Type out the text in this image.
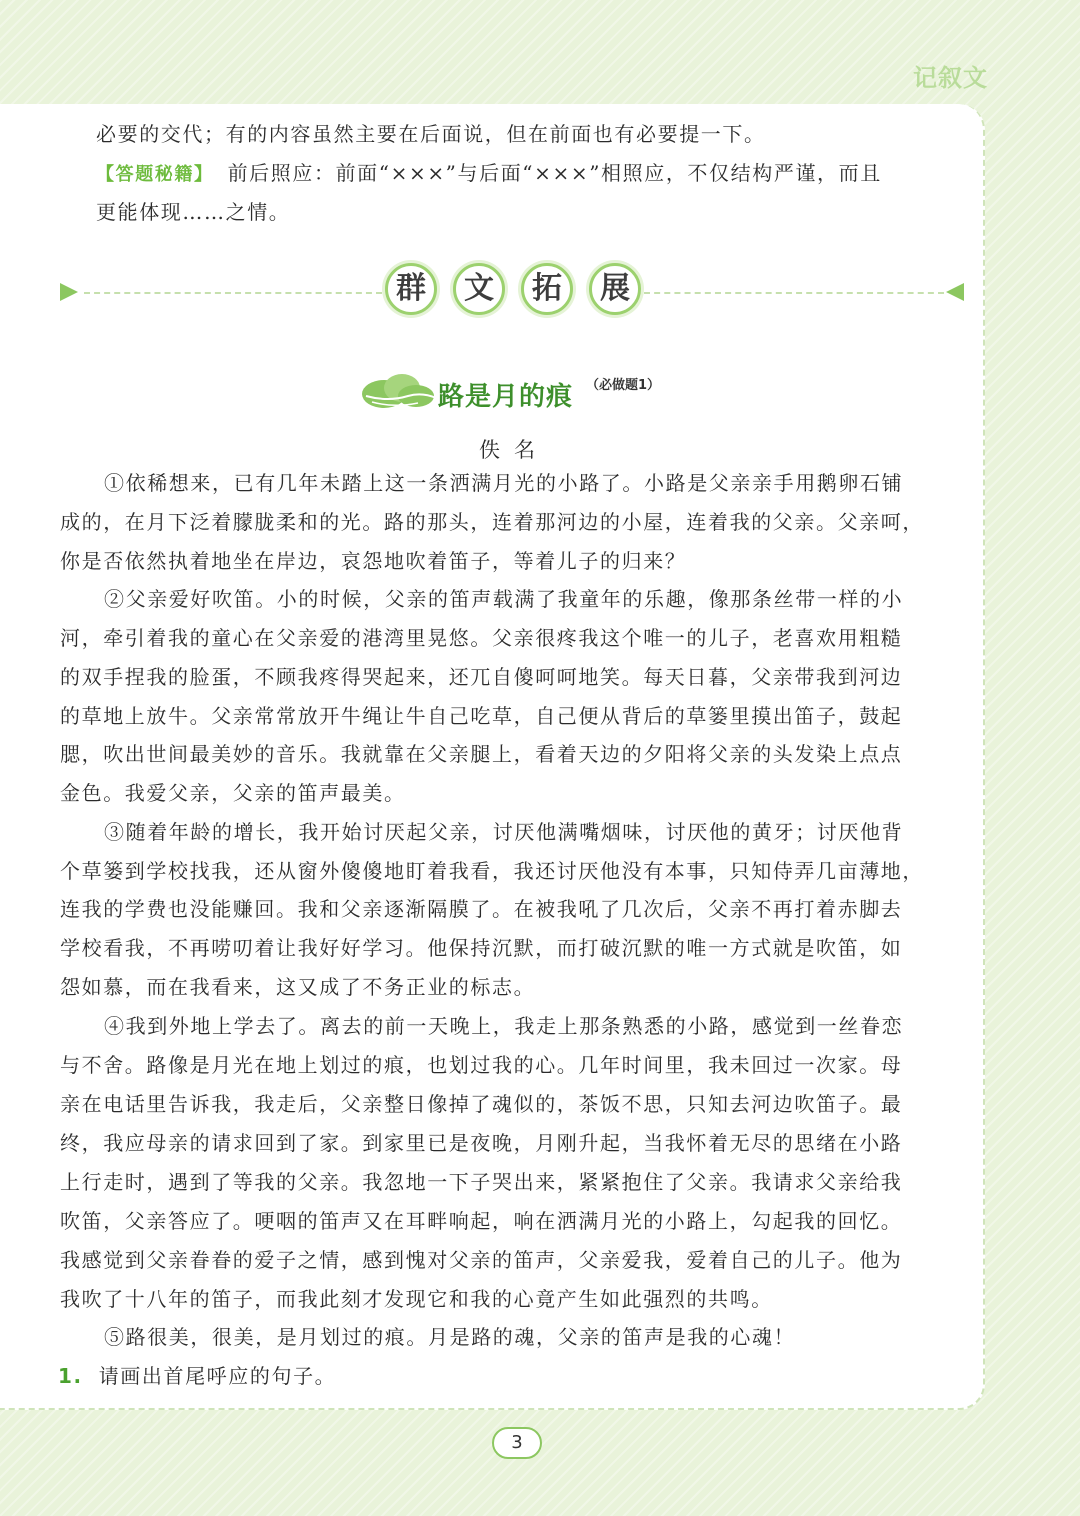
记叙文
必要的交代；有的内容虽然主要在后面说，但在前面也有必要提一下。
【答题秘籍】 前后照应：前面“×××”与后面“×××”相照应，不仅结构严谨，而且
更能体现……之情。
群	文	拓	展
路是月的痕 （必做题1）
佚名
①依稀想来，已有几年未踏上这一条洒满月光的小路了。小路是父亲亲手用鹅卵石铺
成的，在月下泛着朦胧柔和的光。路的那头，连着那河边的小屋，连着我的父亲。父亲呵，
你是否依然执着地坐在岸边，哀怨地吹着笛子，等着儿子的归来？
②父亲爱好吹笛。小的时候，父亲的笛声载满了我童年的乐趣，像那条丝带一样的小
河，牵引着我的童心在父亲爱的港湾里晃悠。父亲很疼我这个唯一的儿子，老喜欢用粗糙
的双手捏我的脸蛋，不顾我疼得哭起来，还兀自傻呵呵地笑。每天日暮，父亲带我到河边
的草地上放牛。父亲常常放开牛绳让牛自己吃草，自己便从背后的草篓里摸出笛子，鼓起
腮，吹出世间最美妙的音乐。我就靠在父亲腿上，看着天边的夕阳将父亲的头发染上点点
金色。我爱父亲，父亲的笛声最美。
③随着年龄的增长，我开始讨厌起父亲，讨厌他满嘴烟味，讨厌他的黄牙；讨厌他背
个草篓到学校找我，还从窗外傻傻地盯着我看，我还讨厌他没有本事，只知侍弄几亩薄地，
连我的学费也没能赚回。我和父亲逐渐隔膜了。在被我吼了几次后，父亲不再打着赤脚去
学校看我，不再唠叨着让我好好学习。他保持沉默，而打破沉默的唯一方式就是吹笛，如
怨如慕，而在我看来，这又成了不务正业的标志。
④我到外地上学去了。离去的前一天晚上，我走上那条熟悉的小路，感觉到一丝眷恋
与不舍。路像是月光在地上划过的痕，也划过我的心。几年时间里，我未回过一次家。母
亲在电话里告诉我，我走后，父亲整日像掉了魂似的，茶饭不思，只知去河边吹笛子。最
终，我应母亲的请求回到了家。到家里已是夜晚，月刚升起，当我怀着无尽的思绪在小路
上行走时，遇到了等我的父亲。我忽地一下子哭出来，紧紧抱住了父亲。我请求父亲给我
吹笛，父亲答应了。哽咽的笛声又在耳畔响起，响在洒满月光的小路上，勾起我的回忆。
我感觉到父亲眷眷的爱子之情，感到愧对父亲的笛声，父亲爱我，爱着自己的儿子。他为
我吹了十八年的笛子，而我此刻才发现它和我的心竟产生如此强烈的共鸣。
⑤路很美，很美，是月划过的痕。月是路的魂，父亲的笛声是我的心魂！
1. 请画出首尾呼应的句子。
3
